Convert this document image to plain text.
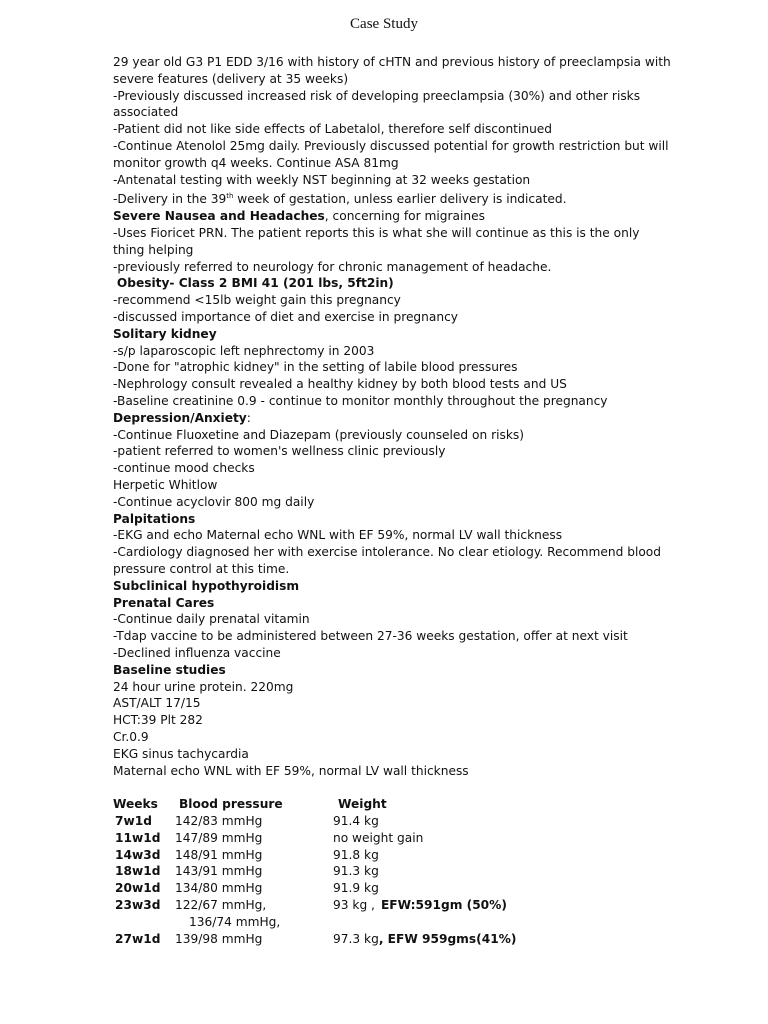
Case Study

29 year old G3 P1 EDD 3/16 with history of cHTN and previous history of preeclampsia with severe features (delivery at 35 weeks)

-Previously discussed increased risk of developing preeclampsia (30%) and other risks associated

-Patient did not like side effects of Labetalol, therefore self discontinued

-Continue Atenolol 25mg daily. Previously discussed potential for growth restriction but will monitor growth q4 weeks. Continue ASA 81mg

-Antenatal testing with weekly NST beginning at 32 weeks gestation

-Delivery in the 39th week of gestation, unless earlier delivery is indicated.

Severe Nausea and Headaches, concerning for migraines

-Uses Fioricet PRN. The patient reports this is what she will continue as this is the only thing helping

-previously referred to neurology for chronic management of headache.

Obesity- Class 2 BMI 41 (201 lbs, 5ft2in)

-recommend <15lb weight gain this pregnancy

-discussed importance of diet and exercise in pregnancy

Solitary kidney

-s/p laparoscopic left nephrectomy in 2003

-Done for "atrophic kidney" in the setting of labile blood pressures

-Nephrology consult revealed a healthy kidney by both blood tests and US

-Baseline creatinine 0.9 - continue to monitor monthly throughout the pregnancy

Depression/Anxiety:

-Continue Fluoxetine and Diazepam (previously counseled on risks)

-patient referred to women's wellness clinic previously

-continue mood checks

Herpetic Whitlow

-Continue acyclovir 800 mg daily

Palpitations

-EKG and echo Maternal echo WNL with EF 59%, normal LV wall thickness

-Cardiology diagnosed her with exercise intolerance. No clear etiology. Recommend blood pressure control at this time.

Subclinical hypothyroidism

Prenatal Cares

-Continue daily prenatal vitamin

-Tdap vaccine to be administered between 27-36 weeks gestation, offer at next visit

-Declined influenza vaccine

Baseline studies

24 hour urine protein. 220mg

AST/ALT 17/15

HCT:39 Plt 282

Cr.0.9

EKG sinus tachycardia

Maternal echo WNL with EF 59%, normal LV wall thickness

Weeks	Blood pressure	Weight
7w1d	142/83 mmHg	91.4 kg
11w1d	147/89 mmHg	no weight gain
14w3d	148/91 mmHg	91.8 kg
18w1d	143/91 mmHg	91.3 kg
20w1d	134/80 mmHg	91.9 kg
23w3d	122/67 mmHg,	93 kg , EFW:591gm (50%)
	136/74 mmHg,	
27w1d	139/98 mmHg	97.3 kg, EFW 959gms(41%)
